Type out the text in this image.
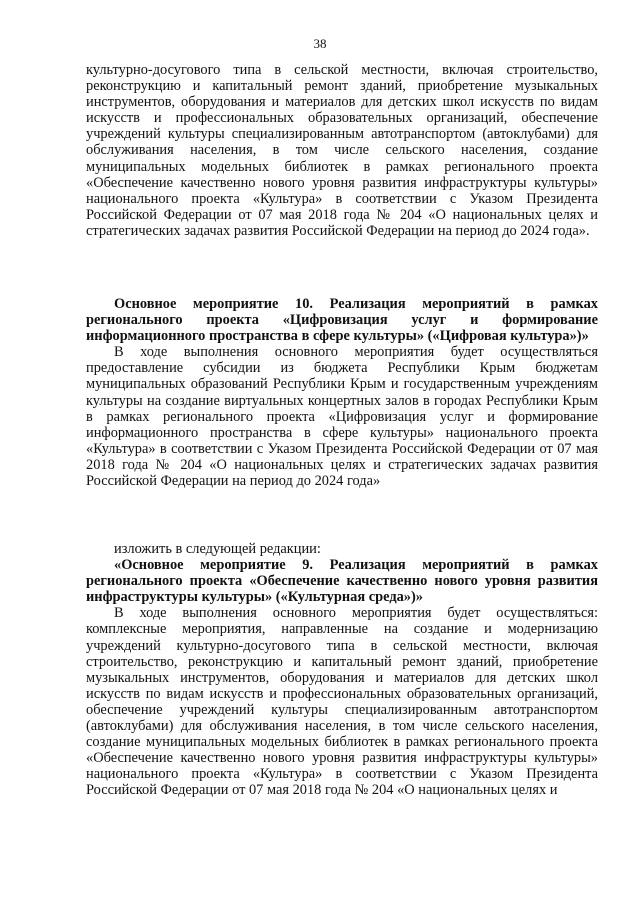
38

культурно-досугового типа в сельской местности, включая строительство, реконструкцию и капитальный ремонт зданий, приобретение музыкальных инструментов, оборудования и материалов для детских школ искусств по видам искусств и профессиональных образовательных организаций, обеспечение учреждений культуры специализированным автотранспортом (автоклубами) для обслуживания населения, в том числе сельского населения, создание муниципальных модельных библиотек в рамках регионального проекта «Обеспечение качественно нового уровня развития инфраструктуры культуры» национального проекта «Культура» в соответствии с Указом Президента Российской Федерации от 07 мая 2018 года № 204 «О национальных целях и стратегических задачах развития Российской Федерации на период до 2024 года».

Основное мероприятие 10. Реализация мероприятий в рамках регионального проекта «Цифровизация услуг и формирование информационного пространства в сфере культуры» («Цифровая культура»)»

В ходе выполнения основного мероприятия будет осуществляться предоставление субсидии из бюджета Республики Крым бюджетам муниципальных образований Республики Крым и государственным учреждениям культуры на создание виртуальных концертных залов в городах Республики Крым в рамках регионального проекта «Цифровизация услуг и формирование информационного пространства в сфере культуры» национального проекта «Культура» в соответствии с Указом Президента Российской Федерации от 07 мая 2018 года № 204 «О национальных целях и стратегических задачах развития Российской Федерации на период до 2024 года»

изложить в следующей редакции:

«Основное мероприятие 9. Реализация мероприятий в рамках регионального проекта «Обеспечение качественно нового уровня развития инфраструктуры культуры» («Культурная среда»)»

В ходе выполнения основного мероприятия будет осуществляться: комплексные мероприятия, направленные на создание и модернизацию учреждений культурно-досугового типа в сельской местности, включая строительство, реконструкцию и капитальный ремонт зданий, приобретение музыкальных инструментов, оборудования и материалов для детских школ искусств по видам искусств и профессиональных образовательных организаций, обеспечение учреждений культуры специализированным автотранспортом (автоклубами) для обслуживания населения, в том числе сельского населения, создание муниципальных модельных библиотек в рамках регионального проекта «Обеспечение качественно нового уровня развития инфраструктуры культуры» национального проекта «Культура» в соответствии с Указом Президента Российской Федерации от 07 мая 2018 года № 204 «О национальных целях и
